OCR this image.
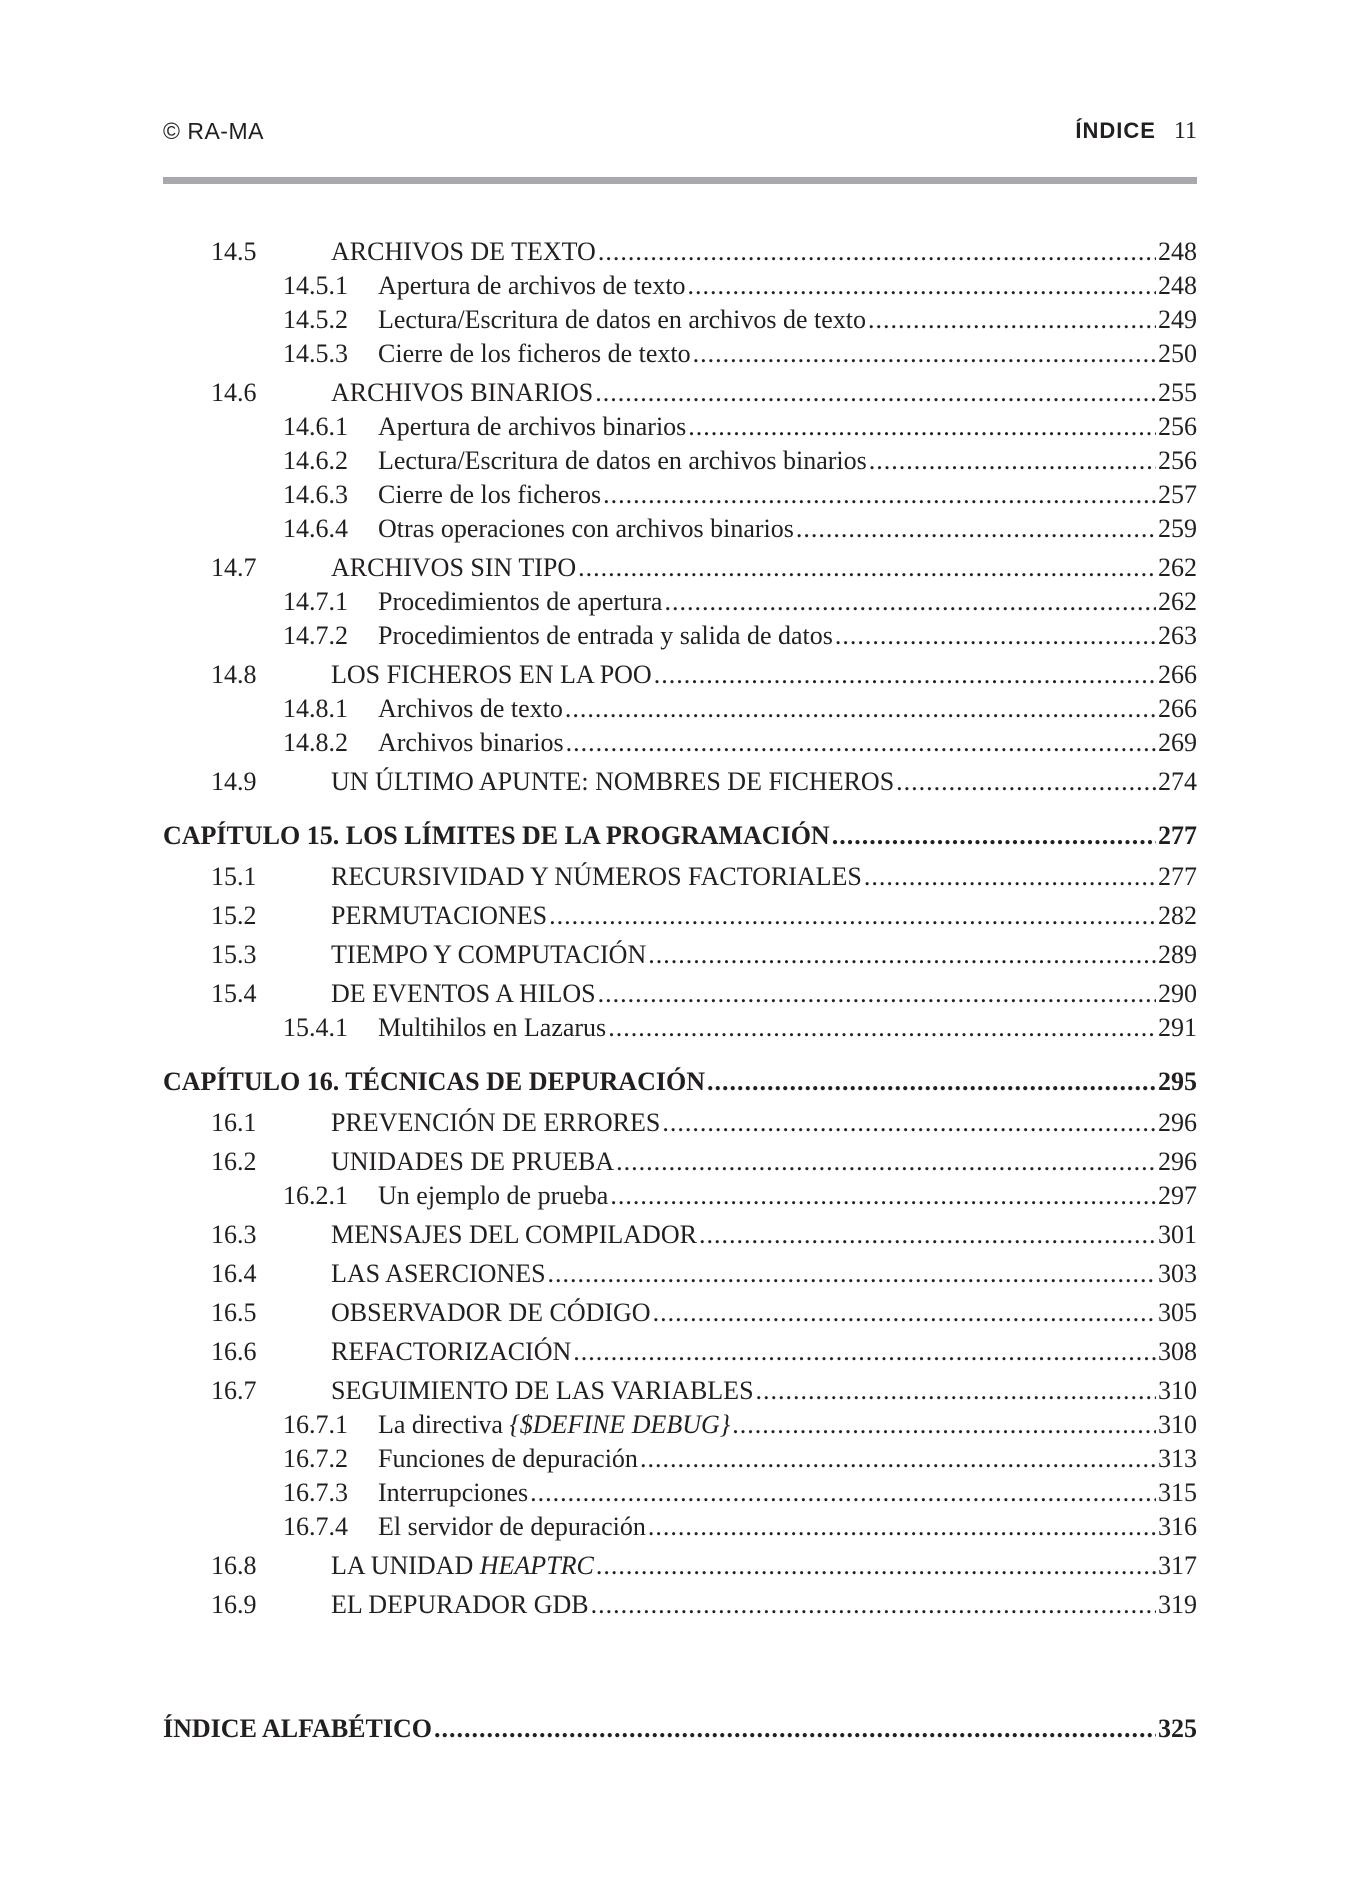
© RA-MA	ÍNDICE 11
14.5	ARCHIVOS DE TEXTO .....	248
14.5.1	Apertura de archivos de texto .....	248
14.5.2	Lectura/Escritura de datos en archivos de texto .....	249
14.5.3	Cierre de los ficheros de texto .....	250
14.6	ARCHIVOS BINARIOS .....	255
14.6.1	Apertura de archivos binarios .....	256
14.6.2	Lectura/Escritura de datos en archivos binarios .....	256
14.6.3	Cierre de los ficheros .....	257
14.6.4	Otras operaciones con archivos binarios .....	259
14.7	ARCHIVOS SIN TIPO .....	262
14.7.1	Procedimientos de apertura .....	262
14.7.2	Procedimientos de entrada y salida de datos .....	263
14.8	LOS FICHEROS EN LA POO .....	266
14.8.1	Archivos de texto .....	266
14.8.2	Archivos binarios .....	269
14.9	UN ÚLTIMO APUNTE: NOMBRES DE FICHEROS .....	274
CAPÍTULO 15. LOS LÍMITES DE LA PROGRAMACIÓN .....	277
15.1	RECURSIVIDAD Y NÚMEROS FACTORIALES .....	277
15.2	PERMUTACIONES .....	282
15.3	TIEMPO Y COMPUTACIÓN .....	289
15.4	DE EVENTOS A HILOS .....	290
15.4.1	Multihilos en Lazarus .....	291
CAPÍTULO 16. TÉCNICAS DE DEPURACIÓN .....	295
16.1	PREVENCIÓN DE ERRORES .....	296
16.2	UNIDADES DE PRUEBA .....	296
16.2.1	Un ejemplo de prueba .....	297
16.3	MENSAJES DEL COMPILADOR .....	301
16.4	LAS ASERCIONES .....	303
16.5	OBSERVADOR DE CÓDIGO .....	305
16.6	REFACTORIZACIÓN .....	308
16.7	SEGUIMIENTO DE LAS VARIABLES .....	310
16.7.1	La directiva {$DEFINE DEBUG} .....	310
16.7.2	Funciones de depuración .....	313
16.7.3	Interrupciones .....	315
16.7.4	El servidor de depuración .....	316
16.8	LA UNIDAD HEAPTRC .....	317
16.9	EL DEPURADOR GDB .....	319
ÍNDICE ALFABÉTICO .....	325
